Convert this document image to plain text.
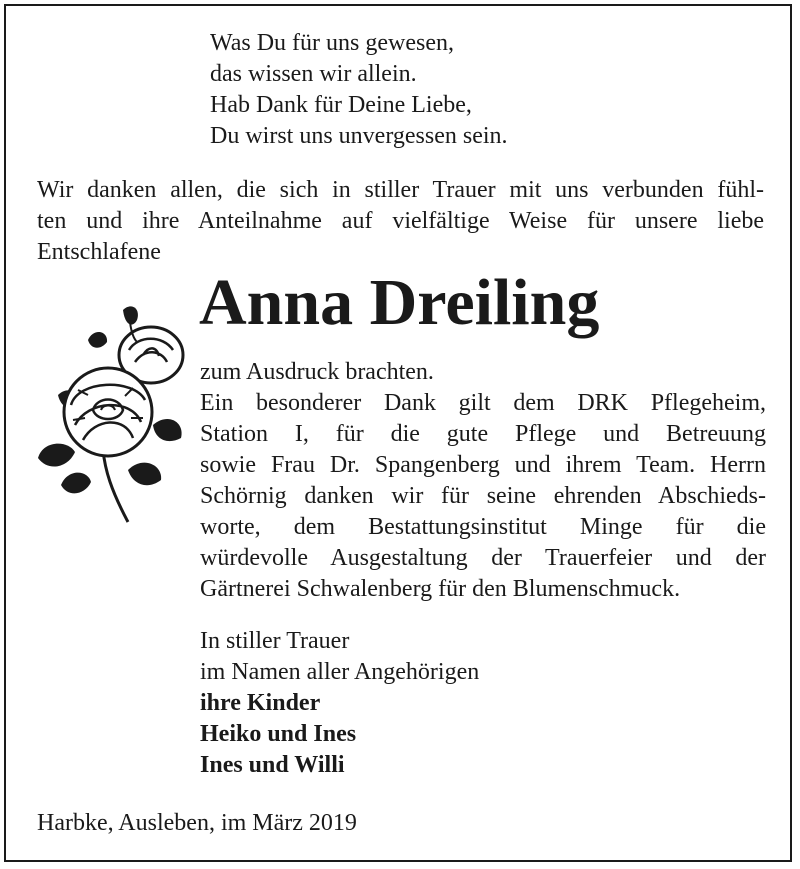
Was Du für uns gewesen,
das wissen wir allein.
Hab Dank für Deine Liebe,
Du wirst uns unvergessen sein.
Wir danken allen, die sich in stiller Trauer mit uns verbunden fühl-
ten und ihre Anteilnahme auf vielfältige Weise für unsere liebe
Entschlafene
Anna Dreiling
zum Ausdruck brachten.
Ein besonderer Dank gilt dem DRK Pflegeheim,
Station I, für die gute Pflege und Betreuung
sowie Frau Dr. Spangenberg und ihrem Team. Herrn
Schörnig danken wir für seine ehrenden Abschieds-
worte, dem Bestattungsinstitut Minge für die
würdevolle Ausgestaltung der Trauerfeier und der
Gärtnerei Schwalenberg für den Blumenschmuck.
In stiller Trauer
im Namen aller Angehörigen
ihre Kinder
Heiko und Ines
Ines und Willi
Harbke, Ausleben, im März 2019
